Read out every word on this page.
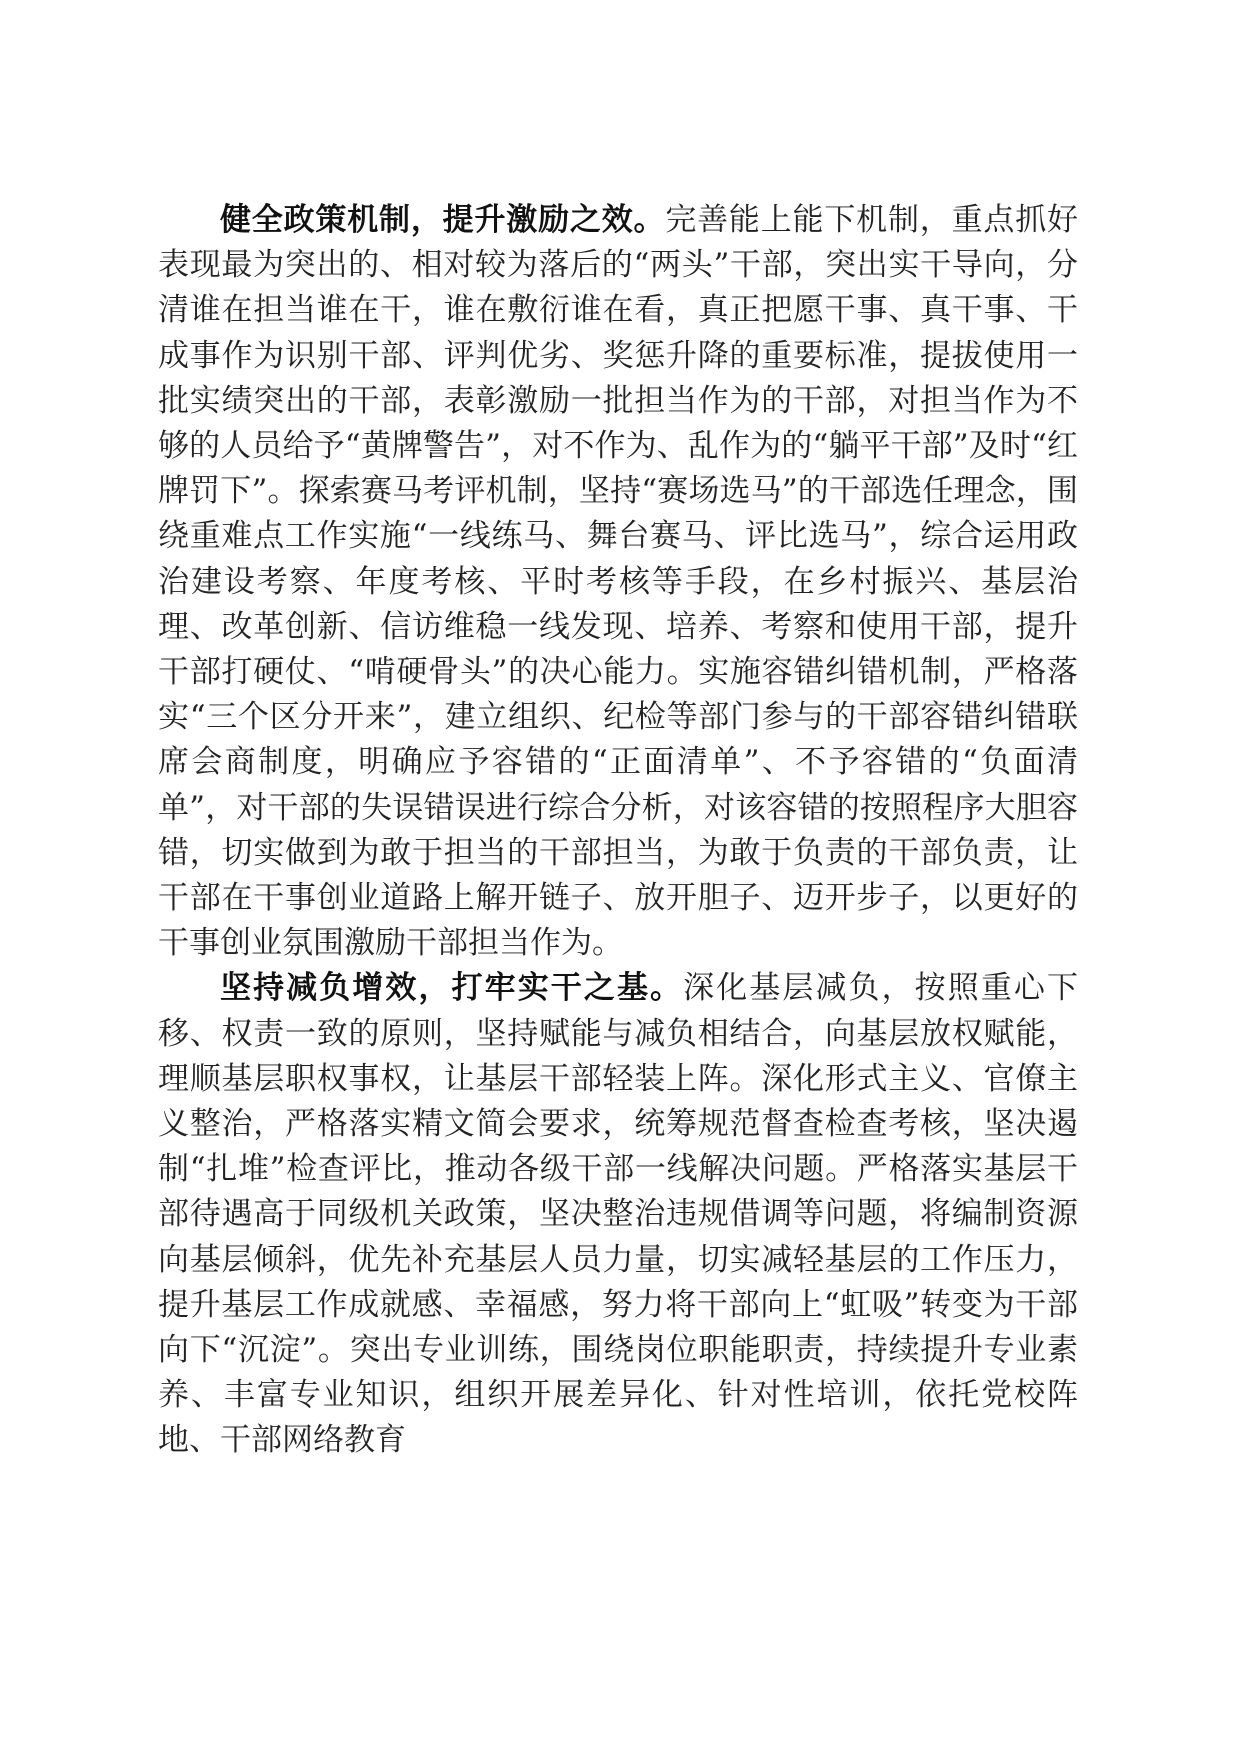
健全政策机制，提升激励之效。完善能上能下机制，重点抓好表现最为突出的、相对较为落后的“两头”干部，突出实干导向，分清谁在担当谁在干，谁在敷衍谁在看，真正把愿干事、真干事、干成事作为识别干部、评判优劣、奖惩升降的重要标准，提拔使用一批实绩突出的干部，表彰激励一批担当作为的干部，对担当作为不够的人员给予“黄牌警告”，对不作为、乱作为的“躺平干部”及时“红牌罚下”。探索赛马考评机制，坚持“赛场选马”的干部选任理念，围绕重难点工作实施“一线练马、舞台赛马、评比选马”，综合运用政治建设考察、年度考核、平时考核等手段，在乡村振兴、基层治理、改革创新、信访维稳一线发现、培养、考察和使用干部，提升干部打硬仗、“啃硬骨头”的决心能力。实施容错纠错机制，严格落实“三个区分开来”，建立组织、纪检等部门参与的干部容错纠错联席会商制度，明确应予容错的“正面清单”、不予容错的“负面清单”，对干部的失误错误进行综合分析，对该容错的按照程序大胆容错，切实做到为敢于担当的干部担当，为敢于负责的干部负责，让干部在干事创业道路上解开链子、放开胆子、迈开步子，以更好的干事创业氛围激励干部担当作为。

坚持减负增效，打牢实干之基。深化基层减负，按照重心下移、权责一致的原则，坚持赋能与减负相结合，向基层放权赋能，理顺基层职权事权，让基层干部轻装上阵。深化形式主义、官僚主义整治，严格落实精文简会要求，统筹规范督查检查考核，坚决遏制“扎堆”检查评比，推动各级干部一线解决问题。严格落实基层干部待遇高于同级机关政策，坚决整治违规借调等问题，将编制资源向基层倾斜，优先补充基层人员力量，切实减轻基层的工作压力，提升基层工作成就感、幸福感，努力将干部向上“虹吸”转变为干部向下“沉淀”。突出专业训练，围绕岗位职能职责，持续提升专业素养、丰富专业知识，组织开展差异化、针对性培训，依托党校阵地、干部网络教育
